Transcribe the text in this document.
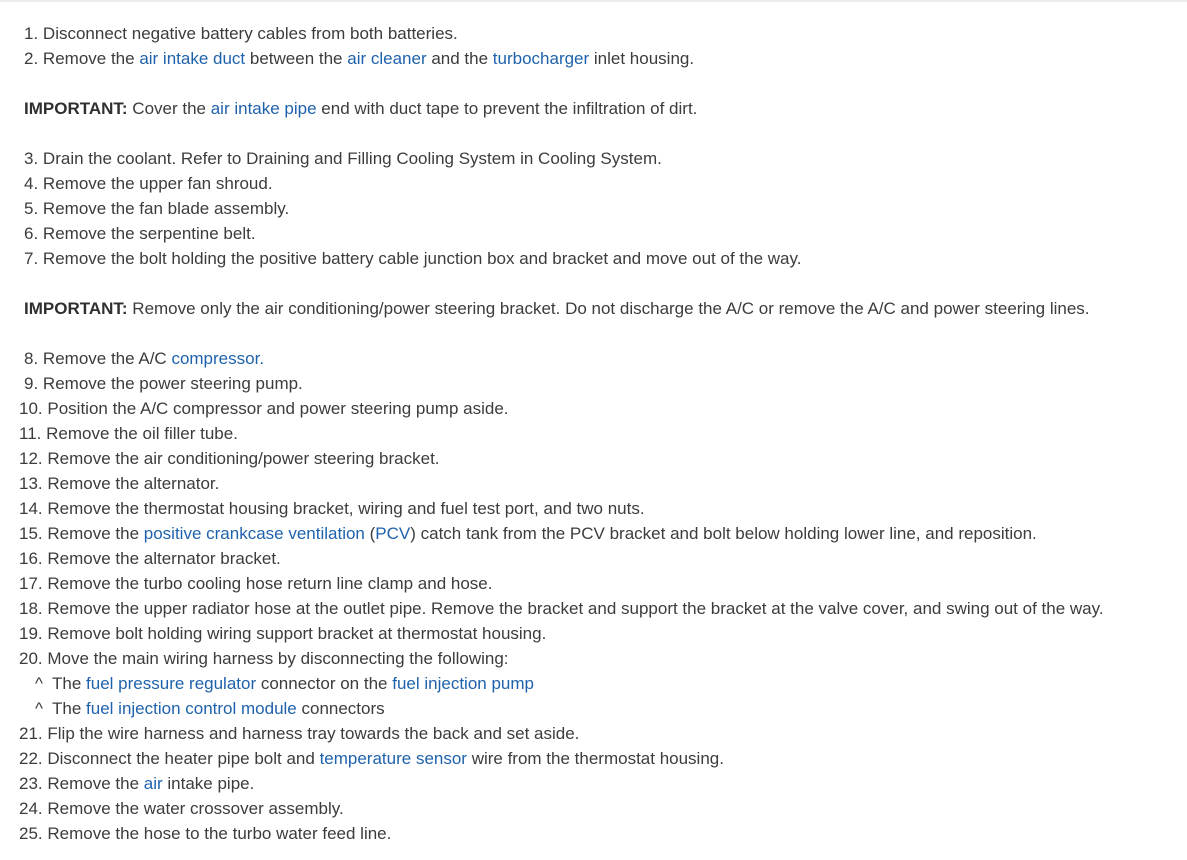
1. Disconnect negative battery cables from both batteries.
2. Remove the air intake duct between the air cleaner and the turbocharger inlet housing.
IMPORTANT: Cover the air intake pipe end with duct tape to prevent the infiltration of dirt.
3. Drain the coolant. Refer to Draining and Filling Cooling System in Cooling System.
4. Remove the upper fan shroud.
5. Remove the fan blade assembly.
6. Remove the serpentine belt.
7. Remove the bolt holding the positive battery cable junction box and bracket and move out of the way.
IMPORTANT: Remove only the air conditioning/power steering bracket. Do not discharge the A/C or remove the A/C and power steering lines.
8. Remove the A/C compressor.
9. Remove the power steering pump.
10. Position the A/C compressor and power steering pump aside.
11. Remove the oil filler tube.
12. Remove the air conditioning/power steering bracket.
13. Remove the alternator.
14. Remove the thermostat housing bracket, wiring and fuel test port, and two nuts.
15. Remove the positive crankcase ventilation (PCV) catch tank from the PCV bracket and bolt below holding lower line, and reposition.
16. Remove the alternator bracket.
17. Remove the turbo cooling hose return line clamp and hose.
18. Remove the upper radiator hose at the outlet pipe. Remove the bracket and support the bracket at the valve cover, and swing out of the way.
19. Remove bolt holding wiring support bracket at thermostat housing.
20. Move the main wiring harness by disconnecting the following:
^ The fuel pressure regulator connector on the fuel injection pump
^ The fuel injection control module connectors
21. Flip the wire harness and harness tray towards the back and set aside.
22. Disconnect the heater pipe bolt and temperature sensor wire from the thermostat housing.
23. Remove the air intake pipe.
24. Remove the water crossover assembly.
25. Remove the hose to the turbo water feed line.
